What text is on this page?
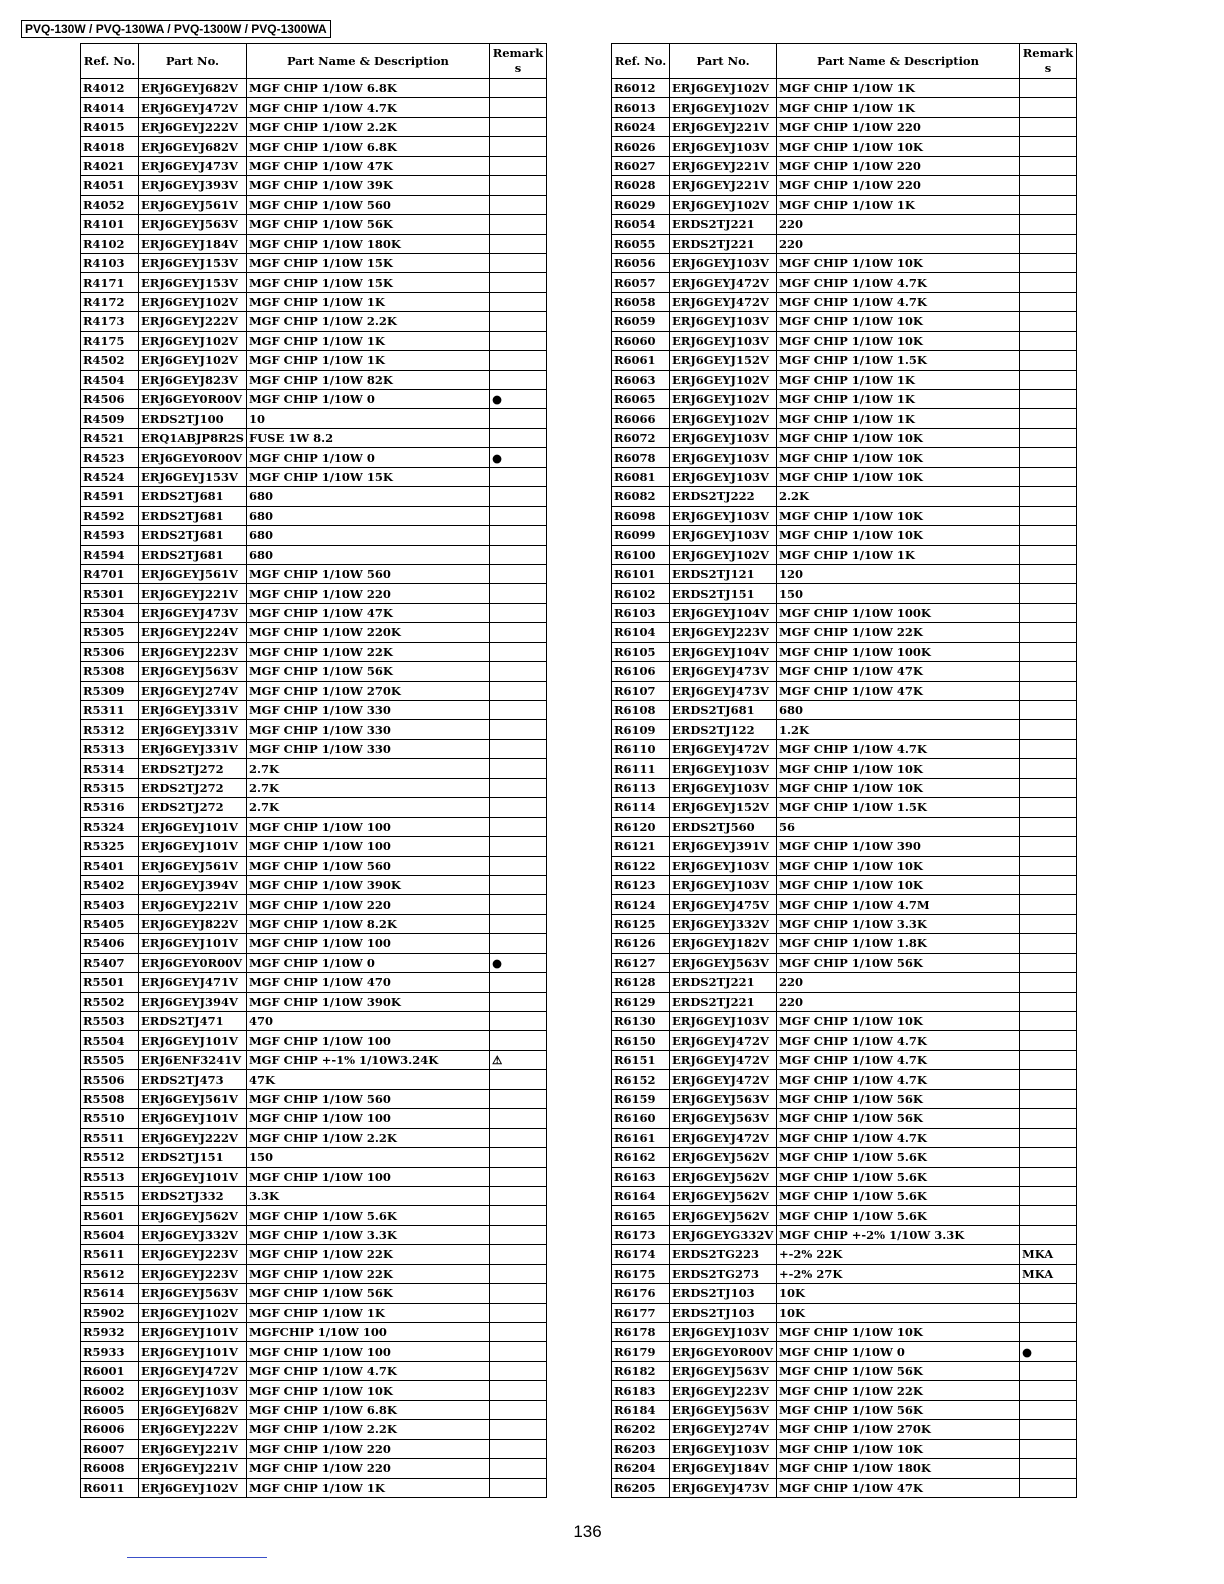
PVQ-130W / PVQ-130WA / PVQ-1300W / PVQ-1300WA
Ref. No.	Part No.	Part Name & Description	Remark s
R4012	ERJ6GEYJ682V	MGF CHIP 1/10W 6.8K	
R4014	ERJ6GEYJ472V	MGF CHIP 1/10W 4.7K	
R4015	ERJ6GEYJ222V	MGF CHIP 1/10W 2.2K	
R4018	ERJ6GEYJ682V	MGF CHIP 1/10W 6.8K	
R4021	ERJ6GEYJ473V	MGF CHIP 1/10W 47K	
R4051	ERJ6GEYJ393V	MGF CHIP 1/10W 39K	
R4052	ERJ6GEYJ561V	MGF CHIP 1/10W 560	
R4101	ERJ6GEYJ563V	MGF CHIP 1/10W 56K	
R4102	ERJ6GEYJ184V	MGF CHIP 1/10W 180K	
R4103	ERJ6GEYJ153V	MGF CHIP 1/10W 15K	
R4171	ERJ6GEYJ153V	MGF CHIP 1/10W 15K	
R4172	ERJ6GEYJ102V	MGF CHIP 1/10W 1K	
R4173	ERJ6GEYJ222V	MGF CHIP 1/10W 2.2K	
R4175	ERJ6GEYJ102V	MGF CHIP 1/10W 1K	
R4502	ERJ6GEYJ102V	MGF CHIP 1/10W 1K	
R4504	ERJ6GEYJ823V	MGF CHIP 1/10W 82K	
R4506	ERJ6GEY0R00V	MGF CHIP 1/10W 0	●
R4509	ERDS2TJ100	10	
R4521	ERQ1ABJP8R2S	FUSE 1W 8.2	
R4523	ERJ6GEY0R00V	MGF CHIP 1/10W 0	●
R4524	ERJ6GEYJ153V	MGF CHIP 1/10W 15K	
R4591	ERDS2TJ681	680	
R4592	ERDS2TJ681	680	
R4593	ERDS2TJ681	680	
R4594	ERDS2TJ681	680	
R4701	ERJ6GEYJ561V	MGF CHIP 1/10W 560	
R5301	ERJ6GEYJ221V	MGF CHIP 1/10W 220	
R5304	ERJ6GEYJ473V	MGF CHIP 1/10W 47K	
R5305	ERJ6GEYJ224V	MGF CHIP 1/10W 220K	
R5306	ERJ6GEYJ223V	MGF CHIP 1/10W 22K	
R5308	ERJ6GEYJ563V	MGF CHIP 1/10W 56K	
R5309	ERJ6GEYJ274V	MGF CHIP 1/10W 270K	
R5311	ERJ6GEYJ331V	MGF CHIP 1/10W 330	
R5312	ERJ6GEYJ331V	MGF CHIP 1/10W 330	
R5313	ERJ6GEYJ331V	MGF CHIP 1/10W 330	
R5314	ERDS2TJ272	2.7K	
R5315	ERDS2TJ272	2.7K	
R5316	ERDS2TJ272	2.7K	
R5324	ERJ6GEYJ101V	MGF CHIP 1/10W 100	
R5325	ERJ6GEYJ101V	MGF CHIP 1/10W 100	
R5401	ERJ6GEYJ561V	MGF CHIP 1/10W 560	
R5402	ERJ6GEYJ394V	MGF CHIP 1/10W 390K	
R5403	ERJ6GEYJ221V	MGF CHIP 1/10W 220	
R5405	ERJ6GEYJ822V	MGF CHIP 1/10W 8.2K	
R5406	ERJ6GEYJ101V	MGF CHIP 1/10W 100	
R5407	ERJ6GEY0R00V	MGF CHIP 1/10W 0	●
R5501	ERJ6GEYJ471V	MGF CHIP 1/10W 470	
R5502	ERJ6GEYJ394V	MGF CHIP 1/10W 390K	
R5503	ERDS2TJ471	470	
R5504	ERJ6GEYJ101V	MGF CHIP 1/10W 100	
R5505	ERJ6ENF3241V	MGF CHIP +-1% 1/10W3.24K	⚠
R5506	ERDS2TJ473	47K	
R5508	ERJ6GEYJ561V	MGF CHIP 1/10W 560	
R5510	ERJ6GEYJ101V	MGF CHIP 1/10W 100	
R5511	ERJ6GEYJ222V	MGF CHIP 1/10W 2.2K	
R5512	ERDS2TJ151	150	
R5513	ERJ6GEYJ101V	MGF CHIP 1/10W 100	
R5515	ERDS2TJ332	3.3K	
R5601	ERJ6GEYJ562V	MGF CHIP 1/10W 5.6K	
R5604	ERJ6GEYJ332V	MGF CHIP 1/10W 3.3K	
R5611	ERJ6GEYJ223V	MGF CHIP 1/10W 22K	
R5612	ERJ6GEYJ223V	MGF CHIP 1/10W 22K	
R5614	ERJ6GEYJ563V	MGF CHIP 1/10W 56K	
R5902	ERJ6GEYJ102V	MGF CHIP 1/10W 1K	
R5932	ERJ6GEYJ101V	MGFCHIP 1/10W 100	
R5933	ERJ6GEYJ101V	MGF CHIP 1/10W 100	
R6001	ERJ6GEYJ472V	MGF CHIP 1/10W 4.7K	
R6002	ERJ6GEYJ103V	MGF CHIP 1/10W 10K	
R6005	ERJ6GEYJ682V	MGF CHIP 1/10W 6.8K	
R6006	ERJ6GEYJ222V	MGF CHIP 1/10W 2.2K	
R6007	ERJ6GEYJ221V	MGF CHIP 1/10W 220	
R6008	ERJ6GEYJ221V	MGF CHIP 1/10W 220	
R6011	ERJ6GEYJ102V	MGF CHIP 1/10W 1K	
Ref. No.	Part No.	Part Name & Description	Remark s
R6012	ERJ6GEYJ102V	MGF CHIP 1/10W 1K	
R6013	ERJ6GEYJ102V	MGF CHIP 1/10W 1K	
R6024	ERJ6GEYJ221V	MGF CHIP 1/10W 220	
R6026	ERJ6GEYJ103V	MGF CHIP 1/10W 10K	
R6027	ERJ6GEYJ221V	MGF CHIP 1/10W 220	
R6028	ERJ6GEYJ221V	MGF CHIP 1/10W 220	
R6029	ERJ6GEYJ102V	MGF CHIP 1/10W 1K	
R6054	ERDS2TJ221	220	
R6055	ERDS2TJ221	220	
R6056	ERJ6GEYJ103V	MGF CHIP 1/10W 10K	
R6057	ERJ6GEYJ472V	MGF CHIP 1/10W 4.7K	
R6058	ERJ6GEYJ472V	MGF CHIP 1/10W 4.7K	
R6059	ERJ6GEYJ103V	MGF CHIP 1/10W 10K	
R6060	ERJ6GEYJ103V	MGF CHIP 1/10W 10K	
R6061	ERJ6GEYJ152V	MGF CHIP 1/10W 1.5K	
R6063	ERJ6GEYJ102V	MGF CHIP 1/10W 1K	
R6065	ERJ6GEYJ102V	MGF CHIP 1/10W 1K	
R6066	ERJ6GEYJ102V	MGF CHIP 1/10W 1K	
R6072	ERJ6GEYJ103V	MGF CHIP 1/10W 10K	
R6078	ERJ6GEYJ103V	MGF CHIP 1/10W 10K	
R6081	ERJ6GEYJ103V	MGF CHIP 1/10W 10K	
R6082	ERDS2TJ222	2.2K	
R6098	ERJ6GEYJ103V	MGF CHIP 1/10W 10K	
R6099	ERJ6GEYJ103V	MGF CHIP 1/10W 10K	
R6100	ERJ6GEYJ102V	MGF CHIP 1/10W 1K	
R6101	ERDS2TJ121	120	
R6102	ERDS2TJ151	150	
R6103	ERJ6GEYJ104V	MGF CHIP 1/10W 100K	
R6104	ERJ6GEYJ223V	MGF CHIP 1/10W 22K	
R6105	ERJ6GEYJ104V	MGF CHIP 1/10W 100K	
R6106	ERJ6GEYJ473V	MGF CHIP 1/10W 47K	
R6107	ERJ6GEYJ473V	MGF CHIP 1/10W 47K	
R6108	ERDS2TJ681	680	
R6109	ERDS2TJ122	1.2K	
R6110	ERJ6GEYJ472V	MGF CHIP 1/10W 4.7K	
R6111	ERJ6GEYJ103V	MGF CHIP 1/10W 10K	
R6113	ERJ6GEYJ103V	MGF CHIP 1/10W 10K	
R6114	ERJ6GEYJ152V	MGF CHIP 1/10W 1.5K	
R6120	ERDS2TJ560	56	
R6121	ERJ6GEYJ391V	MGF CHIP 1/10W 390	
R6122	ERJ6GEYJ103V	MGF CHIP 1/10W 10K	
R6123	ERJ6GEYJ103V	MGF CHIP 1/10W 10K	
R6124	ERJ6GEYJ475V	MGF CHIP 1/10W 4.7M	
R6125	ERJ6GEYJ332V	MGF CHIP 1/10W 3.3K	
R6126	ERJ6GEYJ182V	MGF CHIP 1/10W 1.8K	
R6127	ERJ6GEYJ563V	MGF CHIP 1/10W 56K	
R6128	ERDS2TJ221	220	
R6129	ERDS2TJ221	220	
R6130	ERJ6GEYJ103V	MGF CHIP 1/10W 10K	
R6150	ERJ6GEYJ472V	MGF CHIP 1/10W 4.7K	
R6151	ERJ6GEYJ472V	MGF CHIP 1/10W 4.7K	
R6152	ERJ6GEYJ472V	MGF CHIP 1/10W 4.7K	
R6159	ERJ6GEYJ563V	MGF CHIP 1/10W 56K	
R6160	ERJ6GEYJ563V	MGF CHIP 1/10W 56K	
R6161	ERJ6GEYJ472V	MGF CHIP 1/10W 4.7K	
R6162	ERJ6GEYJ562V	MGF CHIP 1/10W 5.6K	
R6163	ERJ6GEYJ562V	MGF CHIP 1/10W 5.6K	
R6164	ERJ6GEYJ562V	MGF CHIP 1/10W 5.6K	
R6165	ERJ6GEYJ562V	MGF CHIP 1/10W 5.6K	
R6173	ERJ6GEYG332V	MGF CHIP +-2% 1/10W 3.3K	
R6174	ERDS2TG223	+-2% 22K	MKA
R6175	ERDS2TG273	+-2% 27K	MKA
R6176	ERDS2TJ103	10K	
R6177	ERDS2TJ103	10K	
R6178	ERJ6GEYJ103V	MGF CHIP 1/10W 10K	
R6179	ERJ6GEY0R00V	MGF CHIP 1/10W 0	●
R6182	ERJ6GEYJ563V	MGF CHIP 1/10W 56K	
R6183	ERJ6GEYJ223V	MGF CHIP 1/10W 22K	
R6184	ERJ6GEYJ563V	MGF CHIP 1/10W 56K	
R6202	ERJ6GEYJ274V	MGF CHIP 1/10W 270K	
R6203	ERJ6GEYJ103V	MGF CHIP 1/10W 10K	
R6204	ERJ6GEYJ184V	MGF CHIP 1/10W 180K	
R6205	ERJ6GEYJ473V	MGF CHIP 1/10W 47K	
136
